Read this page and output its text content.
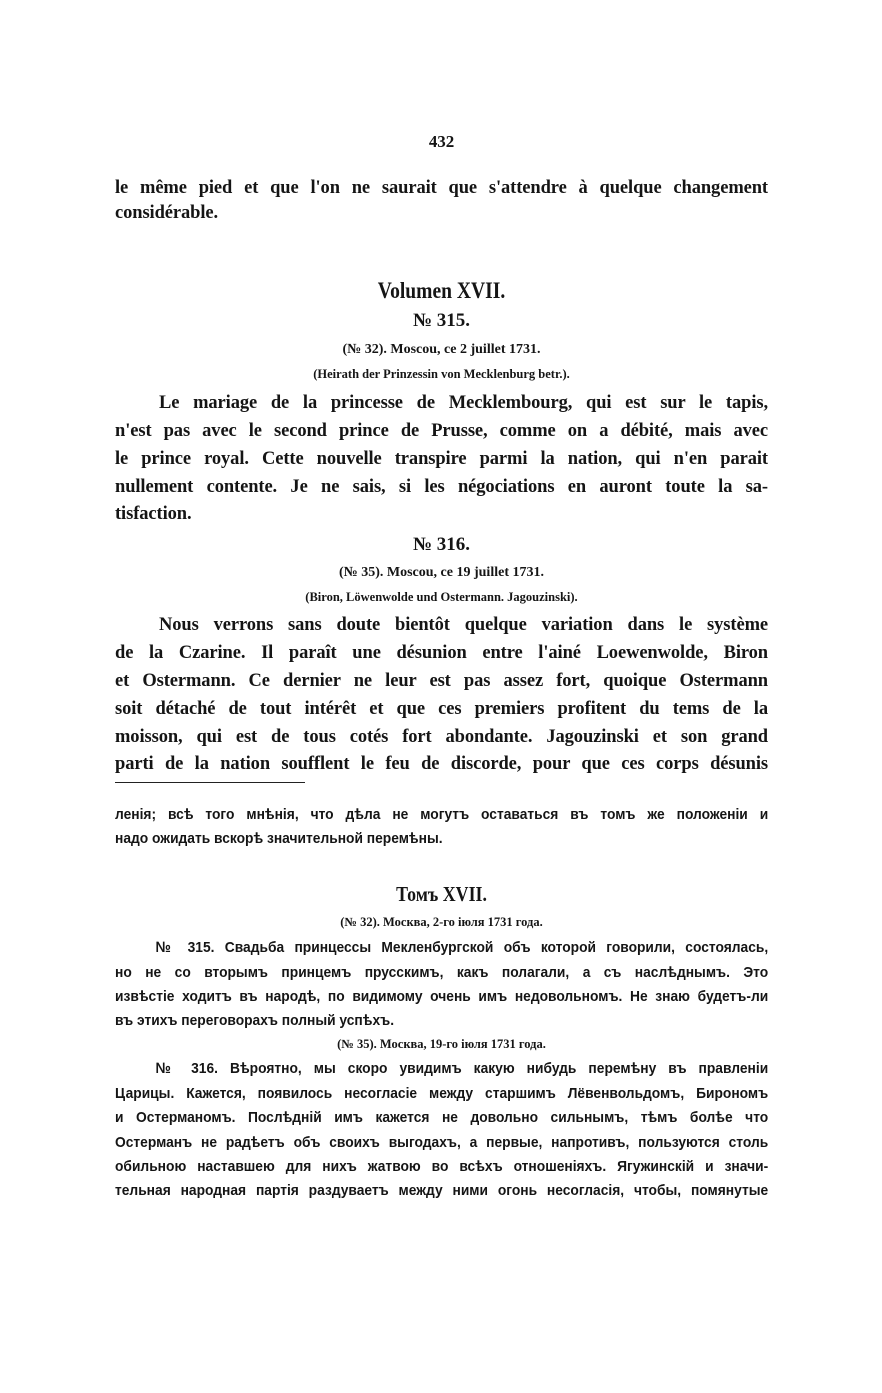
432
le même pied et que l'on ne saurait que s'attendre à quelque changement
considérable.
Volumen XVII.
№ 315.
(№ 32). Moscou, ce 2 juillet 1731.
(Heirath der Prinzessin von Mecklenburg betr.).
Le mariage de la princesse de Mecklembourg, qui est sur le tapis,
n'est pas avec le second prince de Prusse, comme on a débité, mais avec
le prince royal. Cette nouvelle transpire parmi la nation, qui n'en parait
nullement contente. Je ne sais, si les négociations en auront toute la sa-
tisfaction.
№ 316.
(№ 35). Moscou, ce 19 juillet 1731.
(Biron, Löwenwolde und Ostermann. Jagouzinski).
Nous verrons sans doute bientôt quelque variation dans le système
de la Czarine. Il paraît une désunion entre l'ainé Loewenwolde, Biron
et Ostermann. Ce dernier ne leur est pas assez fort, quoique Ostermann
soit détaché de tout intérêt et que ces premiers profitent du tems de la
moisson, qui est de tous cotés fort abondante. Jagouzinski et son grand
parti de la nation soufflent le feu de discorde, pour que ces corps désunis
ленія; всѣ того мнѣнія, что дѣла не могутъ оставаться въ томъ же положеніи и
надо ожидать вскорѣ значительной перемѣны.
Томъ XVII.
(№ 32). Москва, 2-го іюля 1731 года.
№ 315. Свадьба принцессы Мекленбургской объ которой говорили, состоялась,
но не со вторымъ принцемъ прусскимъ, какъ полагали, а съ наслѣднымъ. Это
извѣстіе ходитъ въ народѣ, по видимому очень имъ недовольномъ. Не знаю будетъ-ли
въ этихъ переговорахъ полный успѣхъ.
(№ 35). Москва, 19-го іюля 1731 года.
№ 316. Вѣроятно, мы скоро увидимъ какую нибудь перемѣну въ правленіи
Царицы. Кажется, появилось несогласіе между старшимъ Лёвенвольдомъ, Бирономъ
и Остерманомъ. Послѣдній имъ кажется не довольно сильнымъ, тѣмъ болѣе что
Остерманъ не радѣетъ объ своихъ выгодахъ, а первые, напротивъ, пользуются столь
обильною наставшею для нихъ жатвою во всѣхъ отношеніяхъ. Ягужинскій и значи-
тельная народная партія раздуваетъ между ними огонь несогласія, чтобы, помянутые
